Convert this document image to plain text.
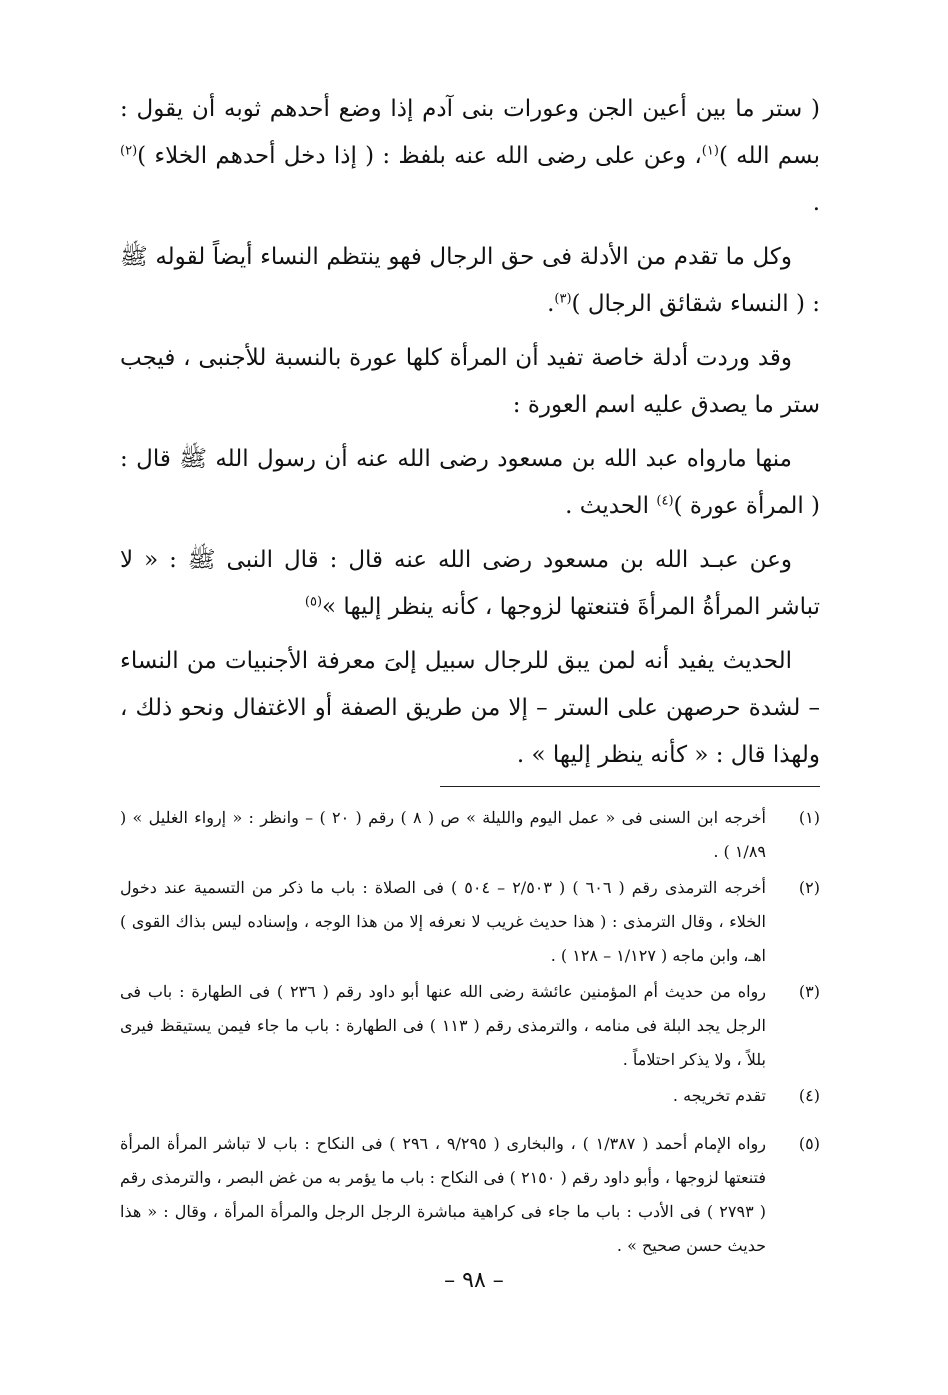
( ستر ما بين أعين الجن وعورات بنى آدم إذا وضع أحدهم ثوبه أن يقول : بسم الله )$^{(١)}$، وعن على رضى الله عنه بلفظ : ( إذا دخل أحدهم الخلاء )$^{(٢)}$ .

وكل ما تقدم من الأدلة فى حق الرجال فهو ينتظم النساء أيضاً لقوله ﷺ : ( النساء شقائق الرجال )$^{(٣)}$.

وقد وردت أدلة خاصة تفيد أن المرأة كلها عورة بالنسبة للأجنبى ، فيجب ستر ما يصدق عليه اسم العورة :

منها مارواه عبد الله بن مسعود رضى الله عنه أن رسول الله ﷺ قال : ( المرأة عورة )$^{(٤)}$ الحديث .

وعن عبـد الله بن مسعود رضى الله عنه قال : قال النبى ﷺ : « لا تباشر المرأةُ المرأةَ فتنعتها لزوجها ، كأنه ينظر إليها »$^{(٥)}$

الحديث يفيد أنه لمن يبق للرجال سبيل إلىَ معرفة الأجنبيات من النساء – لشدة حرصهن على الستر – إلا من طريق الصفة أو الاغتفال ونحو ذلك ، ولهذا قال : « كأنه ينظر إليها » .

(١)
أخرجه ابن السنى فى « عمل اليوم والليلة » ص ( ٨ ) رقم ( ٢٠ ) – وانظر : « إرواء الغليل » ( ١/٨٩ ) .
(٢)
أخرجه الترمذى رقم ( ٦٠٦ ) ( ٢/٥٠٣ – ٥٠٤ ) فى الصلاة : باب ما ذكر من التسمية عند دخول الخلاء ، وقال الترمذى : ( هذا حديث غريب لا نعرفه إلا من هذا الوجه ، وإسناده ليس بذاك القوى ) اهـ، وابن ماجه ( ١/١٢٧ – ١٢٨ ) .
(٣)
رواه من حديث أم المؤمنين عائشة رضى الله عنها أبو داود رقم ( ٢٣٦ ) فى الطهارة : باب فى الرجل يجد البلة فى منامه ، والترمذى رقم ( ١١٣ ) فى الطهارة : باب ما جاء فيمن يستيقظ فيرى بللاً ، ولا يذكر احتلاماً .
(٤)
تقدم تخريجه .
(٥)
رواه الإمام أحمد ( ١/٣٨٧ ) ، والبخارى ( ٩/٢٩٥ ، ٢٩٦ ) فى النكاح : باب لا تباشر المرأة المرأة فتنعتها لزوجها ، وأبو داود رقم ( ٢١٥٠ ) فى النكاح : باب ما يؤمر به من غض البصر ، والترمذى رقم ( ٢٧٩٣ ) فى الأدب : باب ما جاء فى كراهية مباشرة الرجل الرجل والمرأة المرأة ، وقال : « هذا حديث حسن صحيح » .
– ٩٨ –
